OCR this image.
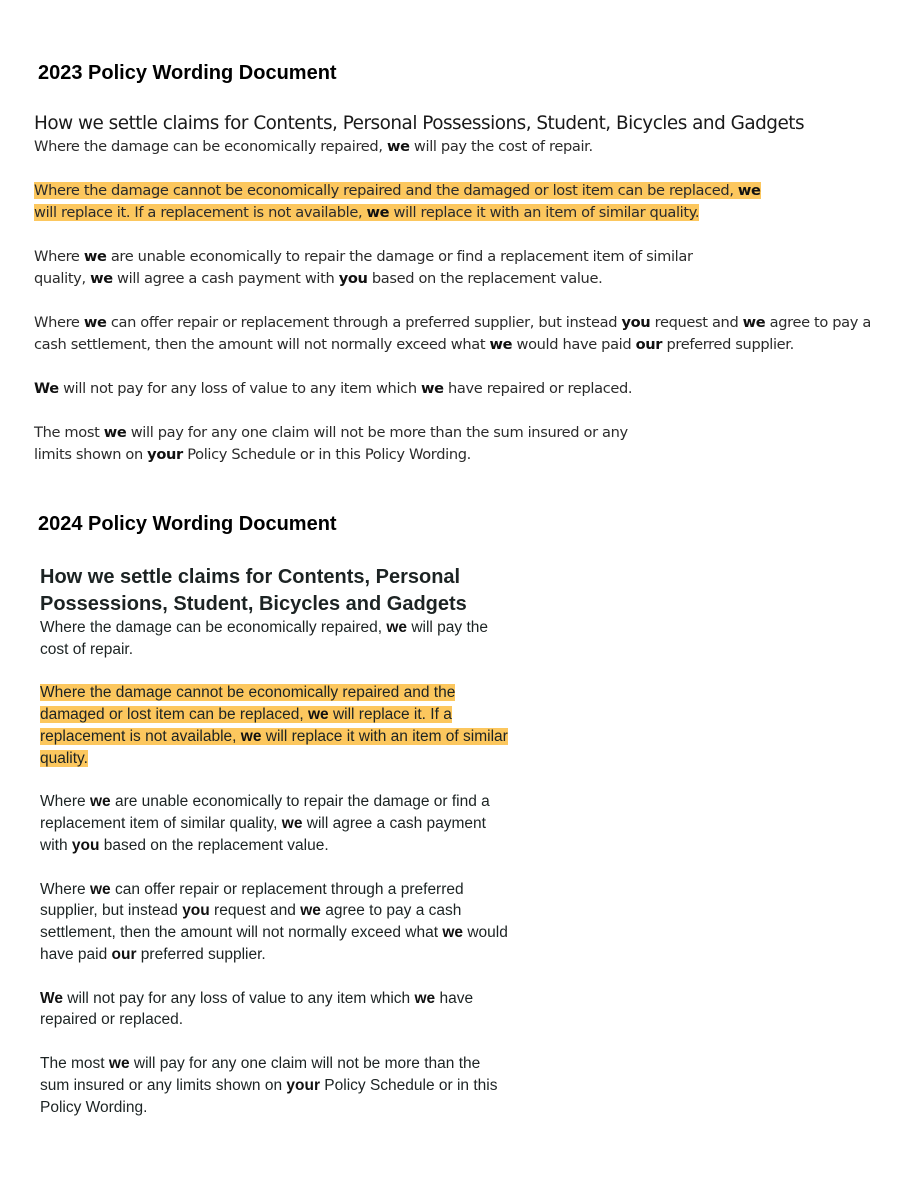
2023 Policy Wording Document
How we settle claims for Contents, Personal Possessions, Student, Bicycles and Gadgets

Where the damage can be economically repaired, we will pay the cost of repair.

Where the damage cannot be economically repaired and the damaged or lost item can be replaced, we will replace it. If a replacement is not available, we will replace it with an item of similar quality.

Where we are unable economically to repair the damage or find a replacement item of similar quality, we will agree a cash payment with you based on the replacement value.

Where we can offer repair or replacement through a preferred supplier, but instead you request and we agree to pay a cash settlement, then the amount will not normally exceed what we would have paid our preferred supplier.

We will not pay for any loss of value to any item which we have repaired or replaced.

The most we will pay for any one claim will not be more than the sum insured or any limits shown on your Policy Schedule or in this Policy Wording.

2024 Policy Wording Document
How we settle claims for Contents, Personal
Possessions, Student, Bicycles and Gadgets

Where the damage can be economically repaired, we will pay the cost of repair.

Where the damage cannot be economically repaired and the damaged or lost item can be replaced, we will replace it. If a replacement is not available, we will replace it with an item of similar quality.

Where we are unable economically to repair the damage or find a replacement item of similar quality, we will agree a cash payment with you based on the replacement value.

Where we can offer repair or replacement through a preferred supplier, but instead you request and we agree to pay a cash settlement, then the amount will not normally exceed what we would have paid our preferred supplier.

We will not pay for any loss of value to any item which we have repaired or replaced.

The most we will pay for any one claim will not be more than the sum insured or any limits shown on your Policy Schedule or in this Policy Wording.
